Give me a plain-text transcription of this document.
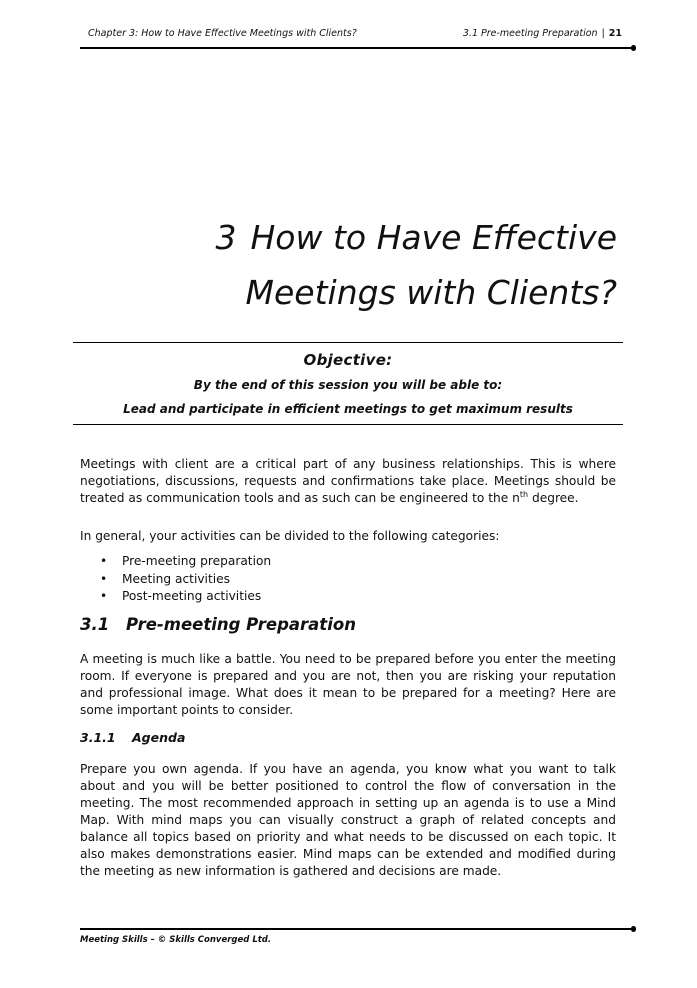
Chapter 3: How to Have Effective Meetings with Clients?	3.1 Pre-meeting Preparation | 21
3 How to Have Effective
Meetings with Clients?
Objective:
By the end of this session you will be able to:
Lead and participate in efficient meetings to get maximum results
Meetings with client are a critical part of any business relationships. This is where negotiations, discussions, requests and confirmations take place. Meetings should be treated as communication tools and as such can be engineered to the $n^{th}$ degree.
In general, your activities can be divided to the following categories:
• Pre-meeting preparation
• Meeting activities
• Post-meeting activities
3.1 Pre-meeting Preparation
A meeting is much like a battle. You need to be prepared before you enter the meeting room. If everyone is prepared and you are not, then you are risking your reputation and professional image. What does it mean to be prepared for a meeting? Here are some important points to consider.
3.1.1 Agenda
Prepare you own agenda. If you have an agenda, you know what you want to talk about and you will be better positioned to control the flow of conversation in the meeting. The most recommended approach in setting up an agenda is to use a Mind Map. With mind maps you can visually construct a graph of related concepts and balance all topics based on priority and what needs to be discussed on each topic. It also makes demonstrations easier. Mind maps can be extended and modified during the meeting as new information is gathered and decisions are made.
Meeting Skills – © Skills Converged Ltd.
